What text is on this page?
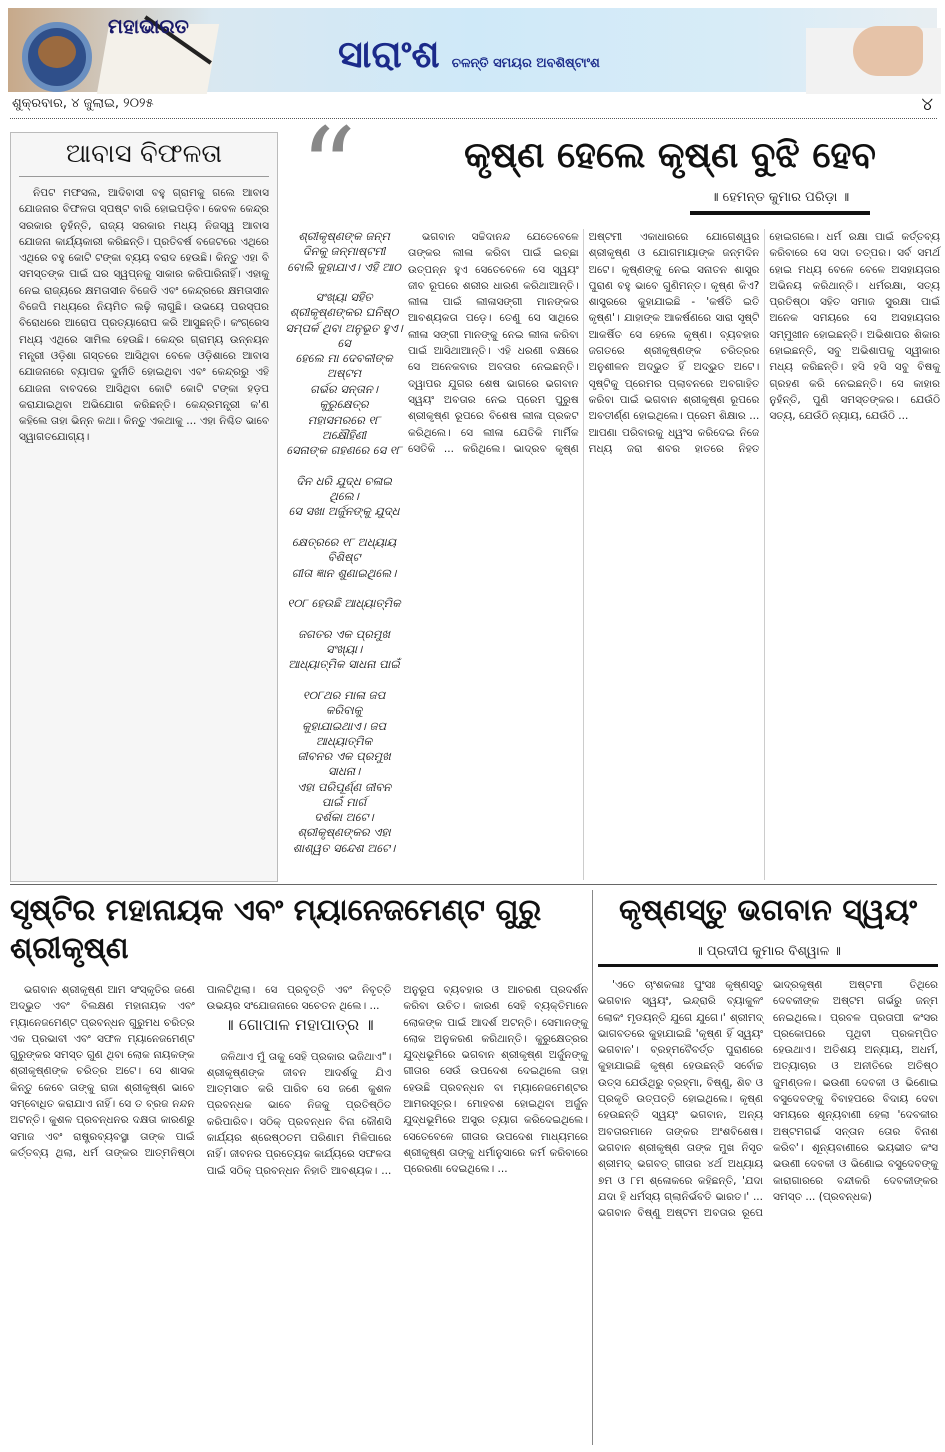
ମହାଭାରତ
ସାରାଂଶ ଚଳନ୍ତି ସମୟର ଅବଶିଷ୍ଟାଂଶ
ଶୁକ୍ରବାର, ୪ ଜୁଲାଇ, ୨୦୨୫	୪
ଆବାସ ବିଫଳତା

ନିପଟ ମଫସଲ, ଆଦିବାସୀ ବହୁ ଗ୍ରାମକୁ ଗଲେ ଆବାସ ଯୋଜନାର ବିଫଳତା ସ୍ପଷ୍ଟ ବାରି ହୋଇପଡ଼ିବ। କେବଳ କେନ୍ଦ୍ର ସରକାର ନୁହଁନ୍ତି, ରାଜ୍ୟ ସରକାର ମଧ୍ୟ ନିଜସ୍ୱ ଆବାସ ଯୋଜନା କାର୍ଯ୍ୟକାରୀ କରିଛନ୍ତି। ପ୍ରତିବର୍ଷ ବଜେଟରେ ଏଥିରେ ଏଥିରେ ବହୁ କୋଟି ଟଙ୍କା ବ୍ୟୟ ବରାଦ ହେଉଛି। କିନ୍ତୁ ଏହା ବି ସମସ୍ତଙ୍କ ପାଇଁ ଘର ସ୍ୱପ୍ନକୁ ସାକାର କରିପାରିନାହିଁ। ଏହାକୁ ନେଇ ରାଜ୍ୟରେ କ୍ଷମତାସୀନ ବିଜେଡି ଏବଂ କେନ୍ଦ୍ରରେ କ୍ଷମତାସୀନ ବିଜେପି ମଧ୍ୟରେ ନିୟମିତ ଲଢ଼ି ଲାଗୁଛି। ଉଭୟେ ପରସ୍ପର ବିରୋଧରେ ଆରୋପ ପ୍ରତ୍ୟାରୋପ କରି ଆସୁଛନ୍ତି। କଂଗ୍ରେସ ମଧ୍ୟ ଏଥିରେ ସାମିଲ ହେଉଛି। କେନ୍ଦ୍ର ଗ୍ରାମ୍ୟ ଉନ୍ନୟନ ମନ୍ତ୍ରୀ ଓଡ଼ିଶା ଗସ୍ତରେ ଆସିଥିବା ବେଳେ ଓଡ଼ିଶାରେ ଆବାସ ଯୋଜନାରେ ବ୍ୟାପକ ଦୁର୍ନୀତି ହୋଇଥିବା ଏବଂ କେନ୍ଦ୍ରରୁ ଏହି ଯୋଜନା ବାବଦରେ ଆସିଥିବା କୋଟି କୋଟି ଟଙ୍କା ହଡ଼ପ କରାଯାଇଥିବା ଅଭିଯୋଗ କରିଛନ୍ତି। କେନ୍ଦ୍ରମନ୍ତ୍ରୀ କ'ଣ କହିଲେ ତାହା ଭିନ୍ନ କଥା। କିନ୍ତୁ ଏକଥାକୁ ... ଏହା ନିଶ୍ଚିତ ଭାବେ ସ୍ୱାଗତଯୋଗ୍ୟ।

“	କୃଷ୍ଣ ହେଲେ କୃଷ୍ଣ ବୁଝି ହେବ
॥ ହେମନ୍ତ କୁମାର ପରିଡ଼ା ॥
ଶ୍ରୀକୃଷ୍ଣଙ୍କ ଜନ୍ମ ଦିନକୁ ଜନ୍ମାଷ୍ଟମୀ
ବୋଲି କୁହାଯାଏ। ଏହି ଆଠ
ସଂଖ୍ୟା ସହିତ ଶ୍ରୀକୃଷ୍ଣଙ୍କର ଘନିଷ୍ଠ
ସମ୍ପର୍କ ଥିବା ଅନୁଭୂତ ହୁଏ। ସେ
ହେଲେ ମା ଦେବକୀଙ୍କ ଅଷ୍ଟମ
ଗର୍ଭର ସନ୍ତାନ। କୁରୁକ୍ଷେତ୍ର
ମହାସମରରେ ୧୮ ଅକ୍ଷୌହିଣୀ
ସେନାଙ୍କ ଗହଣରେ ସେ ୧୮
ଦିନ ଧରି ଯୁଦ୍ଧ ଚଳାଇ ଥିଲେ।
ସେ ସଖା ଅର୍ଜୁନଙ୍କୁ ଯୁଦ୍ଧ
କ୍ଷେତ୍ରରେ ୧୮ ଅଧ୍ୟାୟ ବିଶିଷ୍ଟ
ଗୀତା ଜ୍ଞାନ ଶୁଣାଇଥିଲେ।
୧୦୮ ହେଉଛି ଆଧ୍ୟାତ୍ମିକ
ଜଗତର ଏକ ପ୍ରମୁଖ ସଂଖ୍ୟା।
ଆଧ୍ୟାତ୍ମିକ ସାଧନା ପାଇଁ
୧୦୮ଥର ମାଳା ଜପ କରିବାକୁ
କୁହାଯାଇଥାଏ। ଜପ ଆଧ୍ୟାତ୍ମିକ
ଜୀବନର ଏକ ପ୍ରମୁଖ ସାଧନା।
ଏହା ପରିପୂର୍ଣ୍ଣ ଜୀବନ ପାଇଁ ମାର୍ଗ
ଦର୍ଶକା ଅଟେ। ଶ୍ରୀକୃଷ୍ଣଙ୍କର ଏହା
ଶାଶ୍ୱତ ସନ୍ଦେଶ ଅଟେ।

ଭଗବାନ ସଚ୍ଚିଦାନନ୍ଦ ଯେତେବେଳେ ତାଙ୍କର ଲୀଳା କରିବା ପାଇଁ ଇଚ୍ଛା ଉତ୍ପନ୍ନ ହୁଏ ସେତେବେଳେ ସେ ସ୍ୱୟଂ ଜୀବ ରୂପରେ ଶରୀର ଧାରଣ କରିଥାଆନ୍ତି। ଲୀଳା ପାଇଁ ଲୀଳାସଙ୍ଗୀ ମାନଙ୍କର ଆବଶ୍ୟକତା ପଡ଼େ। ତେଣୁ ସେ ସାଥିରେ ଲୀଳା ସଙ୍ଗୀ ମାନଙ୍କୁ ନେଇ ଲୀଳା କରିବା ପାଇଁ ଆସିଥାଆନ୍ତି। ଏହି ଧରଣୀ ବକ୍ଷରେ ସେ ଅନେକବାର ଅବତାର ନେଇଛନ୍ତି। ଦ୍ୱାପର ଯୁଗର ଶେଷ ଭାଗରେ ଭଗବାନ ସ୍ୱୟଂ ଅବତାର ନେଇ ପ୍ରେମ ପୁରୁଷ ଶ୍ରୀକୃଷ୍ଣ ରୂପରେ ବିଶେଷ ଲୀଳା ପ୍ରକଟ କରିଥିଲେ। ସେ ଲୀଳା ଯେତିକି ମାର୍ମିକ ସେତିକି ... କରିଥିଲେ। ଭାଦ୍ରବ କୃଷ୍ଣ ଅଷ୍ଟମୀ ଏକାଧାରରେ ଯୋଗେଶ୍ୱର ଶ୍ରୀକୃଷ୍ଣ ଓ ଯୋଗମାୟାଙ୍କ ଜନ୍ମଦିନ ଅଟେ। କୃଷ୍ଣଙ୍କୁ ନେଇ ସନାତନ ଶାସ୍ତ୍ର ପୁରାଣ ବହୁ ଭାବେ ଗୁଣିମନ୍ତ। କୃଷ୍ଣ କିଏ? ଶାସ୍ତ୍ରରେ କୁହାଯାଇଛି - 'କର୍ଷତି ଇତି କୃଷ୍ଣ'। ଯାହାଙ୍କ ଆକର୍ଷଣରେ ସାରା ସୃଷ୍ଟି ଆକର୍ଷିତ ସେ ହେଲେ କୃଷ୍ଣ। ବ୍ୟବହାର ଜଗତରେ ଶ୍ରୀକୃଷ୍ଣଙ୍କ ଚରିତ୍ରର ଅନୁଶୀଳନ ଅଦ୍ଭୁତ ହିଁ ଅଦ୍ଭୁତ ଅଟେ। ସୃଷ୍ଟିକୁ ପ୍ରେମର ପ୍ଲାବନରେ ଅବଗାହିତ କରିବା ପାଇଁ ଭଗବାନ ଶ୍ରୀକୃଷ୍ଣ ରୂପରେ ଅବତୀର୍ଣ୍ଣ ହୋଇଥିଲେ। ପ୍ରେମ ଶିକ୍ଷାର ... ଆପଣା ପରିବାରକୁ ଧ୍ୱଂସ କରିଦେଇ ନିଜେ ମଧ୍ୟ ଜରା ଶବର ହାତରେ ନିହତ ହୋଇଗଲେ। ଧର୍ମ ରକ୍ଷା ପାଇଁ କର୍ତ୍ତବ୍ୟ କରିବାରେ ସେ ସଦା ତତ୍ପର। ସର୍ବ ସମର୍ଥ ହୋଇ ମଧ୍ୟ ବେଳେ ବେଳେ ଅସହାୟତାର ଅଭିନୟ କରିଥାନ୍ତି। ଧର୍ମରକ୍ଷା, ସତ୍ୟ ପ୍ରତିଷ୍ଠା ସହିତ ସମାଜ ସୁରକ୍ଷା ପାଇଁ ଅନେକ ସମୟରେ ସେ ଅସହାୟତାର ସମ୍ମୁଖୀନ ହୋଇଛନ୍ତି। ଅଭିଶାପର ଶିକାର ହୋଇଛନ୍ତି, ସବୁ ଅଭିଶାପକୁ ସ୍ୱୀକାର ମଧ୍ୟ କରିଛନ୍ତି। ହସି ହସି ସବୁ ବିଷକୁ ଗ୍ରହଣ କରି ନେଇଛନ୍ତି। ସେ କାହାର ନୁହଁନ୍ତି, ପୁଣି ସମସ୍ତଙ୍କର। ଯେଉଁଠି ସତ୍ୟ, ଯେଉଁଠି ନ୍ୟାୟ, ଯେଉଁଠି ...

ସୃଷ୍ଟିର ମହାନାୟକ ଏବଂ ମ୍ୟାନେଜମେଣ୍ଟ ଗୁରୁ ଶ୍ରୀକୃଷ୍ଣ

ଭଗବାନ ଶ୍ରୀକୃଷ୍ଣ ଆମ ସଂସ୍କୃତିର ଜଣେ ଅଦ୍ଭୁତ ଏବଂ ବିଲକ୍ଷଣ ମହାନାୟକ ଏବଂ ମ୍ୟାନେଜମେଣ୍ଟ ପ୍ରବନ୍ଧନ ଗୁରୁମଧ ଚରିତ୍ର ଏକ ପ୍ରଭାବୀ ଏବଂ ସଫଳ ମ୍ୟାନେଜମେଣ୍ଟ ଗୁରୁଙ୍କର ସମସ୍ତ ଗୁଣ ଥିବା ଲୋକ ନାୟକଙ୍କ ଶ୍ରୀକୃଷ୍ଣଙ୍କ ଚରିତ୍ର ଅଟେ। ସେ ଶାସକ କିନ୍ତୁ କେବେ ତାଙ୍କୁ ରାଜା ଶ୍ରୀକୃଷ୍ଣ ଭାବେ ସମ୍ବୋଧିତ କରାଯାଏ ନାହିଁ। ସେ ତ ବ୍ରଜ ନନ୍ଦନ ଅଟନ୍ତି। କୁଶଳ ପ୍ରବନ୍ଧନର ଦକ୍ଷତା କାରଣରୁ ସମାଜ ଏବଂ ରାଷ୍ଟ୍ରବ୍ୟବସ୍ଥା ତାଙ୍କ ପାଇଁ କର୍ତ୍ତବ୍ୟ ଥିଲା, ଧର୍ମ ତାଙ୍କର ଆତ୍ମନିଷ୍ଠା ପାଲଟିଥିଲା। ସେ ପ୍ରବୃତ୍ତି ଏବଂ ନିବୃତ୍ତି ଉଭୟର ସଂଯୋଜନାରେ ସଚେତନ ଥିଲେ। ...

॥ ଗୋପାଳ ମହାପାତ୍ର ॥

ଜଳିଥାଏ ମୁଁ ତାକୁ ସେହି ପ୍ରକାର ଭଜିଥାଏ"। ଶ୍ରୀକୃଷ୍ଣଙ୍କ ଜୀବନ ଆଦର୍ଶକୁ ଯିଏ ଆତ୍ମସାତ କରି ପାରିବ ସେ ଜଣେ କୁଶଳ ପ୍ରବନ୍ଧକ ଭାବେ ନିଜକୁ ପ୍ରତିଷ୍ଠିତ କରିପାରିବ। ସଠିକ୍ ପ୍ରବନ୍ଧନ ବିନା କୌଣସି କାର୍ଯ୍ୟର ଶ୍ରେଷ୍ଠତମ ପରିଣାମ ମିଳିପାରେ ନାହିଁ। ଜୀବନର ପ୍ରତ୍ୟେକ କାର୍ଯ୍ୟରେ ସଫଳତା ପାଇଁ ସଠିକ୍ ପ୍ରବନ୍ଧନ ନିହାତି ଆବଶ୍ୟକ। ... ଅନୁରୂପ ବ୍ୟବହାର ଓ ଆଚରଣ ପ୍ରଦର୍ଶନ କରିବା ଉଚିତ। କାରଣ ସେହି ବ୍ୟକ୍ତିମାନେ ଲୋକଙ୍କ ପାଇଁ ଆଦର୍ଶ ଅଟନ୍ତି। ସେମାନଙ୍କୁ ଲୋକ ଅନୁକରଣ କରିଥାନ୍ତି। କୁରୁକ୍ଷେତ୍ରର ଯୁଦ୍ଧଭୂମିରେ ଭଗବାନ ଶ୍ରୀକୃଷ୍ଣ ଅର୍ଜୁନଙ୍କୁ ଗୀତାର ସେଉଁ ଉପଦେଶ ଦେଇଥିଲେ ତାହା ହେଉଛି ପ୍ରବନ୍ଧନ ବା ମ୍ୟାନେଜମେଣ୍ଟର ଆମରସୂତ୍ର। ମୋହବଶ ହୋଇଥିବା ଅର୍ଜୁନ ଯୁଦ୍ଧଭୂମିରେ ଅସ୍ତ୍ର ତ୍ୟାଗ କରିଦେଇଥିଲେ। ସେତେବେଳେ ଗୀତାର ଉପଦେଶ ମାଧ୍ୟମରେ ଶ୍ରୀକୃଷ୍ଣ ତାଙ୍କୁ ଧର୍ମାନୁସାରେ କର୍ମ କରିବାରେ ପ୍ରେରଣା ଦେଇଥିଲେ। ...

କୃଷ୍ଣସ୍ତୁ ଭଗବାନ ସ୍ୱୟଂ
॥ ପ୍ରଦୀପ କୁମାର ବିଶ୍ୱାଳ ॥

'ଏତେ ଚାଂଶକଳାଃ ପୁଂସଃ କୃଷ୍ଣସ୍ତୁ ଭଗବାନ ସ୍ୱୟଂ, ଇନ୍ଦ୍ରାରି ବ୍ୟାକୁଳଂ ଲୋକଂ ମୃଡୟନ୍ତି ଯୁଗେ ଯୁଗେ।' ଶ୍ରୀମଦ୍ ଭାଗବତରେ କୁହାଯାଇଛି 'କୃଷ୍ଣ ହିଁ ସ୍ୱୟଂ ଭଗବାନ'। ବ୍ରହ୍ମବୈବର୍ତ୍ତ ପୁରାଣରେ କୁହାଯାଇଛି କୃଷ୍ଣ ହେଉଛନ୍ତି ସର୍ବୋଚ୍ଚ ଉତ୍ସ ଯେଉଁଥିରୁ ବ୍ରହ୍ମା, ବିଷ୍ଣୁ, ଶିବ ଓ ପ୍ରକୃତି ଉତ୍ପତ୍ତି ହୋଇଥିଲେ। କୃଷ୍ଣ ହେଉଛନ୍ତି ସ୍ୱୟଂ ଭଗବାନ, ଅନ୍ୟ ଅବତାରମାନେ ତାଙ୍କର ଅଂଶବିଶେଷ। ଭଗବାନ ଶ୍ରୀକୃଷ୍ଣ ତାଙ୍କ ମୁଖ ନିସୃତ ଶ୍ରୀମଦ୍ ଭଗବତ୍ ଗୀତାର ୪ର୍ଥ ଅଧ୍ୟାୟ ୭ମ ଓ ୮ମ ଶ୍ଳୋକରେ କହିଛନ୍ତି, 'ଯଦା ଯଦା ହି ଧର୍ମସ୍ୟ ଗ୍ଲାନିର୍ଭବତି ଭାରତ।' ... ଭଗବାନ ବିଷ୍ଣୁ ଅଷ୍ଟମ ଅବତାର ରୂପେ ଭାଦ୍ରକୃଷ୍ଣ ଅଷ୍ଟମୀ ତିଥିରେ ଦେବକୀଙ୍କ ଅଷ୍ଟମ ଗର୍ଭରୁ ଜନ୍ମ ନେଇଥିଲେ। ପ୍ରବଳ ପ୍ରତାପୀ କଂସର ପ୍ରକୋପରେ ପୃଥିବୀ ପ୍ରକମ୍ପିତ ହେଉଥାଏ। ଅତିଶୟ ଅନ୍ୟାୟ, ଅଧର୍ମ, ଅତ୍ୟାଚାର ଓ ଅନୀତିରେ ଅତିଷ୍ଠ ଜୁମଣ୍ଡଳ। ଭଉଣୀ ଦେବକୀ ଓ ଭିଣୋଇ ବସୁଦେବଙ୍କୁ ବିବାହପରେ ବିଦାୟ ଦେବା ସମୟରେ ଶୂନ୍ୟବାଣୀ ହେଲା 'ଦେବକୀର ଅଷ୍ଟମଗର୍ଭ ସନ୍ତାନ ତୋର ବିନାଶ କରିବ'। ଶୂନ୍ୟବାଣୀରେ ଭୟଭୀତ କଂସ ଭଉଣୀ ଦେବକୀ ଓ ଭିଣୋଇ ବସୁଦେବଙ୍କୁ କାରାଗାରରେ ବନ୍ଦୀକରି ଦେବକୀଙ୍କର ସମସ୍ତ ... (ପ୍ରବନ୍ଧକ)
